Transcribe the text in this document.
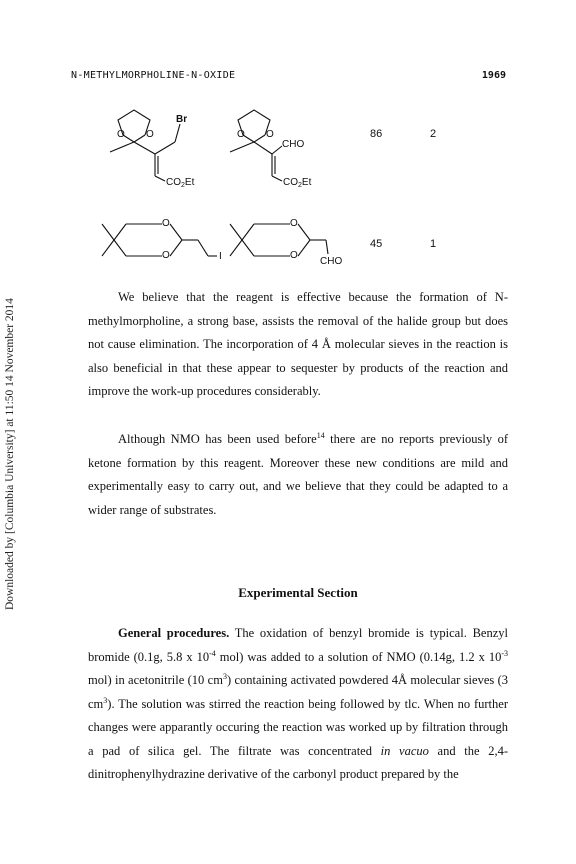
Downloaded by [Columbia University] at 11:50 14 November 2014
N-METHYLMORPHOLINE-N-OXIDE	1969
O O
Br
$CO_2Et$
O O
CHO
$CO_2Et$
86	2
O
O	I
O
O
CHO
45	1

We believe that the reagent is effective because the formation of N-methylmorpholine, a strong base, assists the removal of the halide group but does not cause elimination. The incorporation of 4 Å molecular sieves in the reaction is also beneficial in that these appear to sequester by products of the reaction and improve the work-up procedures considerably.

Although NMO has been used before$^{14}$ there are no reports previously of ketone formation by this reagent. Moreover these new conditions are mild and experimentally easy to carry out, and we believe that they could be adapted to a wider range of substrates.

Experimental Section

General procedures. The oxidation of benzyl bromide is typical. Benzyl bromide (0.1g, 5.8 x $10^{-4}$ mol) was added to a solution of NMO (0.14g, 1.2 x $10^{-3}$ mol) in acetonitrile (10 $cm^3$) containing activated powdered 4Å molecular sieves (3 $cm^3$). The solution was stirred the reaction being followed by tlc. When no further changes were apparantly occuring the reaction was worked up by filtration through a pad of silica gel. The filtrate was concentrated in vacuo and the 2,4-dinitrophenylhydrazine derivative of the carbonyl product prepared by the
